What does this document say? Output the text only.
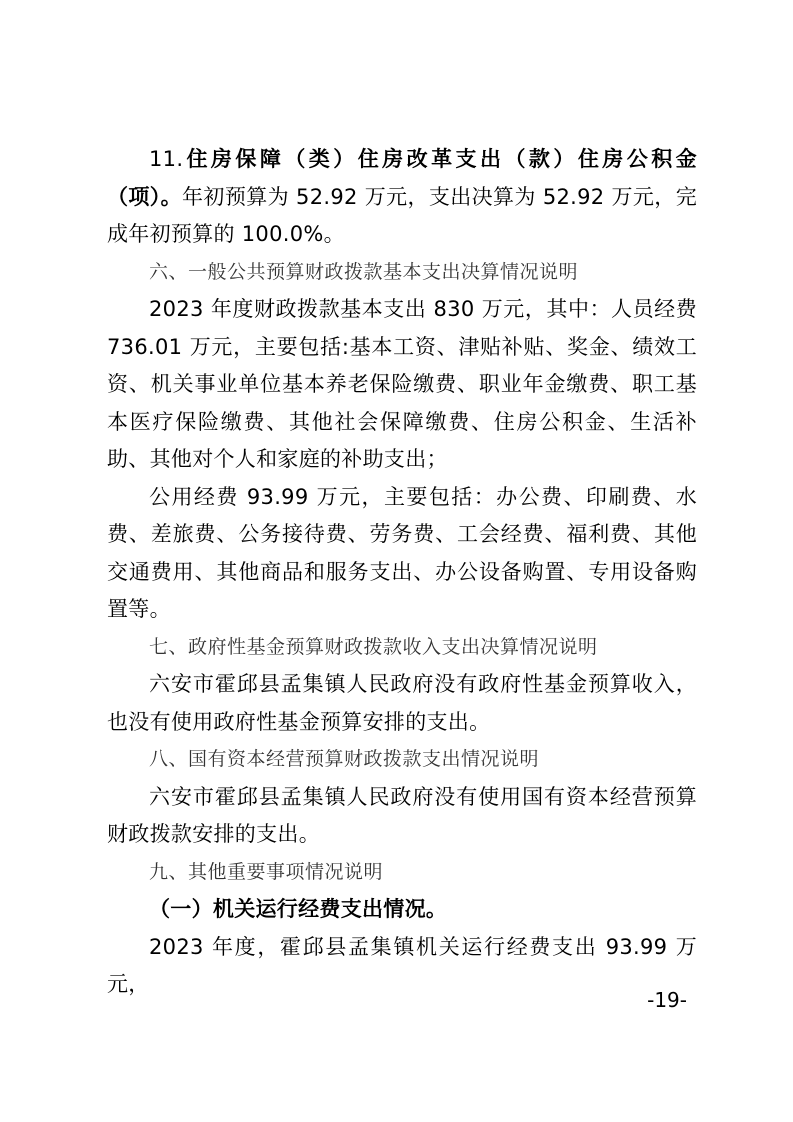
11.住房保障（类）住房改革支出（款）住房公积金（项）。年初预算为 52.92 万元，支出决算为 52.92 万元，完成年初预算的 100.0%。

六、一般公共预算财政拨款基本支出决算情况说明

2023 年度财政拨款基本支出 830 万元，其中：人员经费 736.01 万元，主要包括:基本工资、津贴补贴、奖金、绩效工资、机关事业单位基本养老保险缴费、职业年金缴费、职工基本医疗保险缴费、其他社会保障缴费、住房公积金、生活补助、其他对个人和家庭的补助支出；

公用经费 93.99 万元，主要包括：办公费、印刷费、水费、差旅费、公务接待费、劳务费、工会经费、福利费、其他交通费用、其他商品和服务支出、办公设备购置、专用设备购置等。

七、政府性基金预算财政拨款收入支出决算情况说明

六安市霍邱县孟集镇人民政府没有政府性基金预算收入，也没有使用政府性基金预算安排的支出。

八、国有资本经营预算财政拨款支出情况说明

六安市霍邱县孟集镇人民政府没有使用国有资本经营预算财政拨款安排的支出。

九、其他重要事项情况说明

（一）机关运行经费支出情况。

2023 年度，霍邱县孟集镇机关运行经费支出 93.99 万元，

-19-
